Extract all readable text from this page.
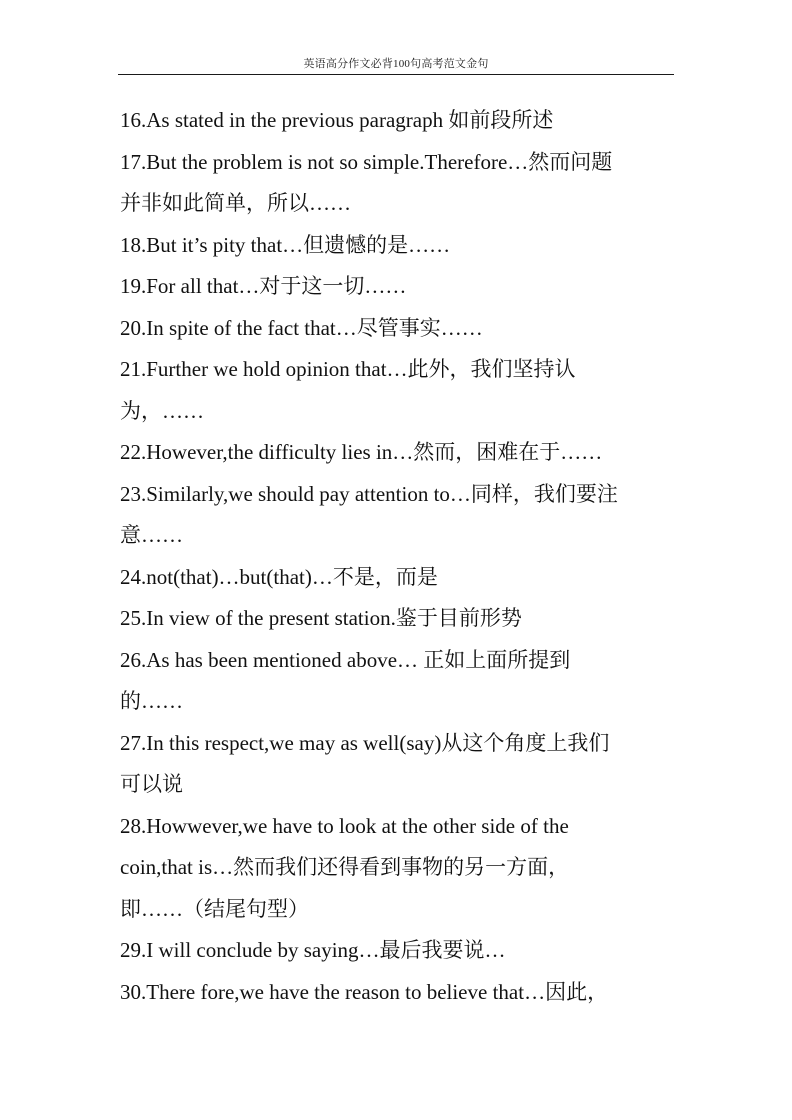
英语高分作文必背100句高考范文金句
16.As stated in the previous paragraph 如前段所述
17.But the problem is not so simple.Therefore…然而问题
并非如此简单，所以……
18.But it’s pity that…但遗憾的是……
19.For all that…对于这一切……
20.In spite of the fact that…尽管事实……
21.Further we hold opinion that…此外，我们坚持认
为，……
22.However,the difficulty lies in…然而，困难在于……
23.Similarly,we should pay attention to…同样，我们要注
意……
24.not(that)…but(that)…不是，而是
25.In view of the present station.鉴于目前形势
26.As has been mentioned above… 正如上面所提到
的……
27.In this respect,we may as well(say)从这个角度上我们
可以说
28.Howwever,we have to look at the other side of the
coin,that is…然而我们还得看到事物的另一方面，
即……（结尾句型）
29.I will conclude by saying…最后我要说…
30.There fore,we have the reason to believe that…因此，
